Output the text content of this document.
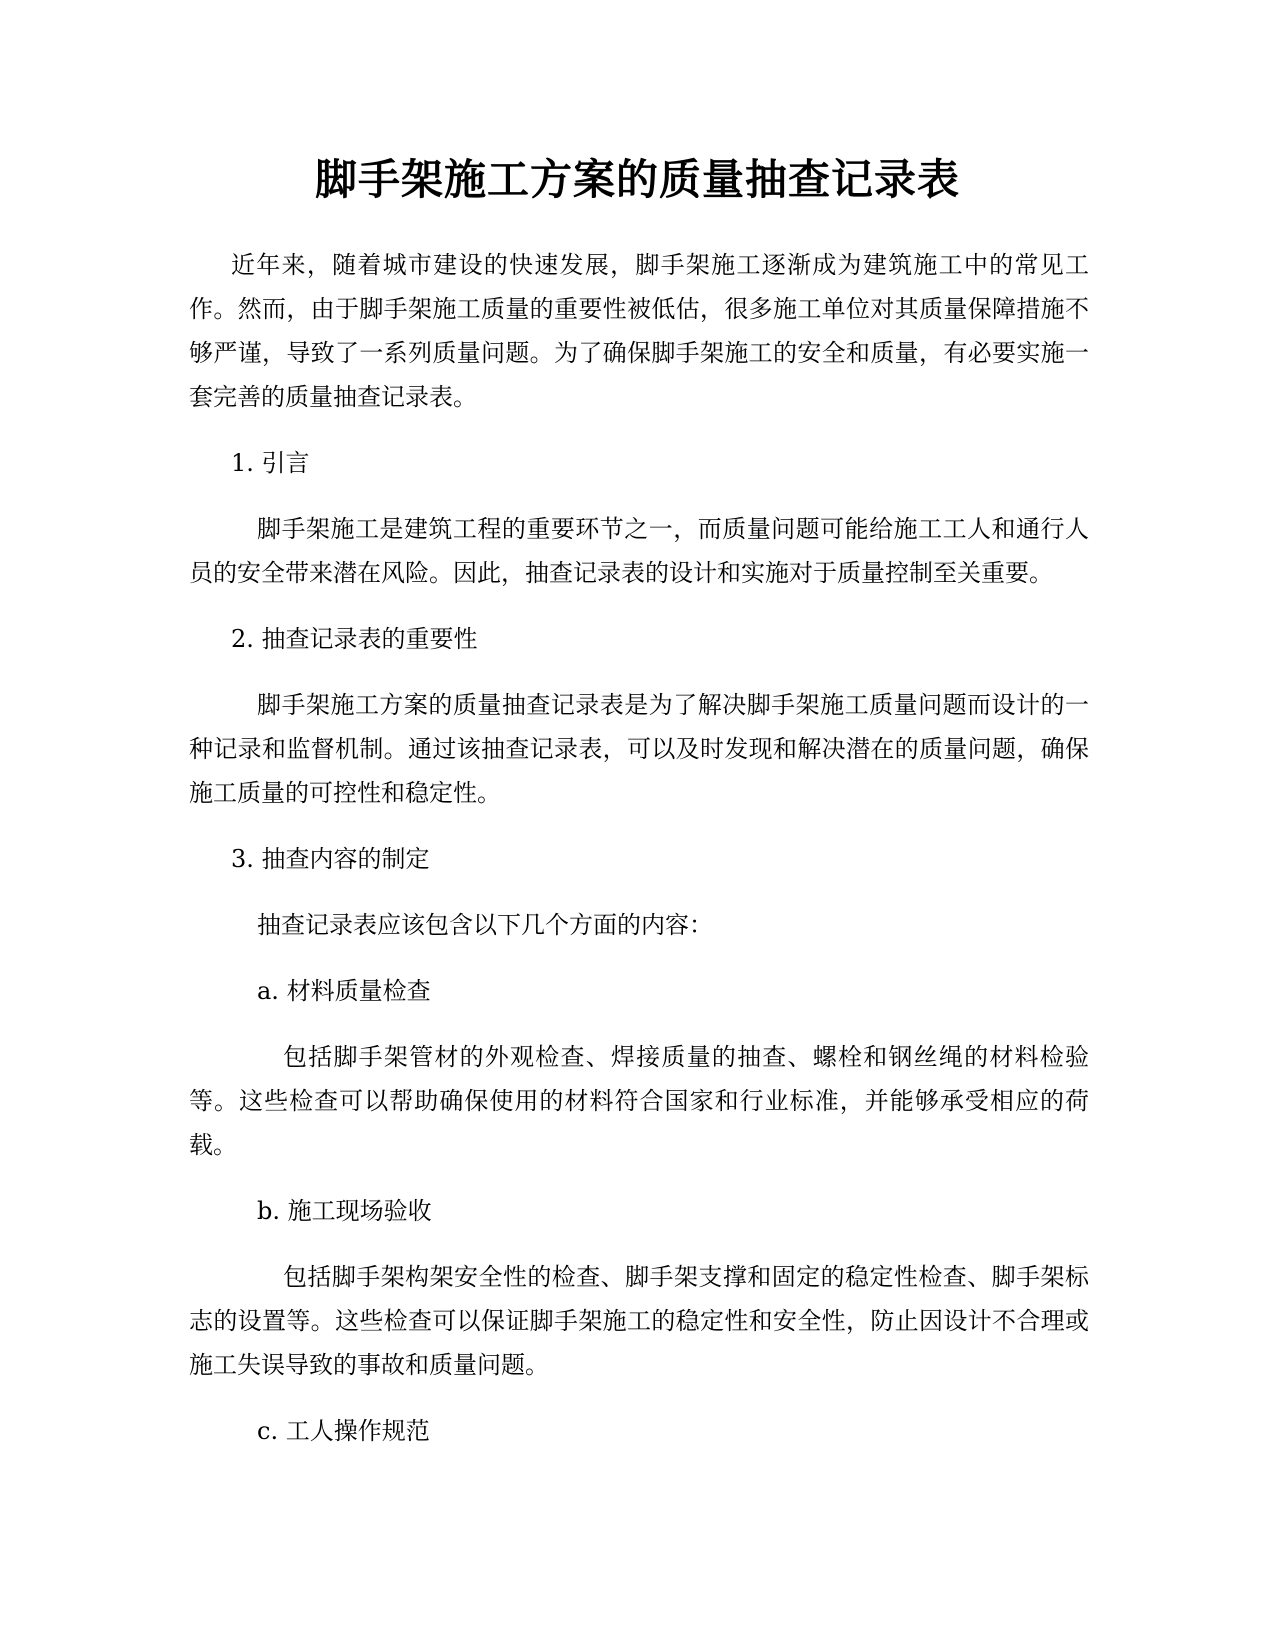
脚手架施工方案的质量抽查记录表

近年来，随着城市建设的快速发展，脚手架施工逐渐成为建筑施工中的常见工作。然而，由于脚手架施工质量的重要性被低估，很多施工单位对其质量保障措施不够严谨，导致了一系列质量问题。为了确保脚手架施工的安全和质量，有必要实施一套完善的质量抽查记录表。

1. 引言

脚手架施工是建筑工程的重要环节之一，而质量问题可能给施工工人和通行人员的安全带来潜在风险。因此，抽查记录表的设计和实施对于质量控制至关重要。

2. 抽查记录表的重要性

脚手架施工方案的质量抽查记录表是为了解决脚手架施工质量问题而设计的一种记录和监督机制。通过该抽查记录表，可以及时发现和解决潜在的质量问题，确保施工质量的可控性和稳定性。

3. 抽查内容的制定

抽查记录表应该包含以下几个方面的内容：

a. 材料质量检查

包括脚手架管材的外观检查、焊接质量的抽查、螺栓和钢丝绳的材料检验等。这些检查可以帮助确保使用的材料符合国家和行业标准，并能够承受相应的荷载。

b. 施工现场验收

包括脚手架构架安全性的检查、脚手架支撑和固定的稳定性检查、脚手架标志的设置等。这些检查可以保证脚手架施工的稳定性和安全性，防止因设计不合理或施工失误导致的事故和质量问题。

c. 工人操作规范
